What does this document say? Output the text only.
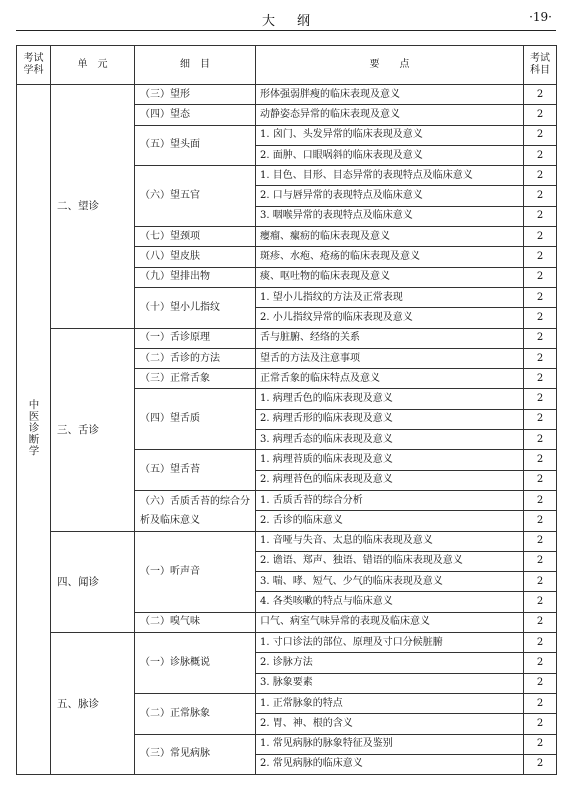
大纲	·19·
考试学科	单　元	细　目	要　　点	考试科目
中医诊断学	二、望诊	（三）望形	形体强弱胖瘦的临床表现及意义	2
		（四）望态	动静姿态异常的临床表现及意义	2
		（五）望头面	1. 囟门、头发异常的临床表现及意义	2
			2. 面肿、口眼㖞斜的临床表现及意义	2
		（六）望五官	1. 目色、目形、目态异常的表现特点及临床意义	2
			2. 口与唇异常的表现特点及临床意义	2
			3. 咽喉异常的表现特点及临床意义	2
		（七）望颈项	瘿瘤、瘰疬的临床表现及意义	2
		（八）望皮肤	斑疹、水疱、疮疡的临床表现及意义	2
		（九）望排出物	痰、呕吐物的临床表现及意义	2
		（十）望小儿指纹	1. 望小儿指纹的方法及正常表现	2
			2. 小儿指纹异常的临床表现及意义	2
	三、舌诊	（一）舌诊原理	舌与脏腑、经络的关系	2
		（二）舌诊的方法	望舌的方法及注意事项	2
		（三）正常舌象	正常舌象的临床特点及意义	2
		（四）望舌质	1. 病理舌色的临床表现及意义	2
			2. 病理舌形的临床表现及意义	2
			3. 病理舌态的临床表现及意义	2
		（五）望舌苔	1. 病理苔质的临床表现及意义	2
			2. 病理苔色的临床表现及意义	2
		（六）舌质舌苔的综合分析及临床意义	1. 舌质舌苔的综合分析	2
			2. 舌诊的临床意义	2
	四、闻诊	（一）听声音	1. 音哑与失音、太息的临床表现及意义	2
			2. 谵语、郑声、独语、错语的临床表现及意义	2
			3. 喘、哮、短气、少气的临床表现及意义	2
			4. 各类咳嗽的特点与临床意义	2
		（二）嗅气味	口气、病室气味异常的表现及临床意义	2
	五、脉诊	（一）诊脉概说	1. 寸口诊法的部位、原理及寸口分候脏腑	2
			2. 诊脉方法	2
			3. 脉象要素	2
		（二）正常脉象	1. 正常脉象的特点	2
			2. 胃、神、根的含义	2
		（三）常见病脉	1. 常见病脉的脉象特征及鉴别	2
			2. 常见病脉的临床意义	2
